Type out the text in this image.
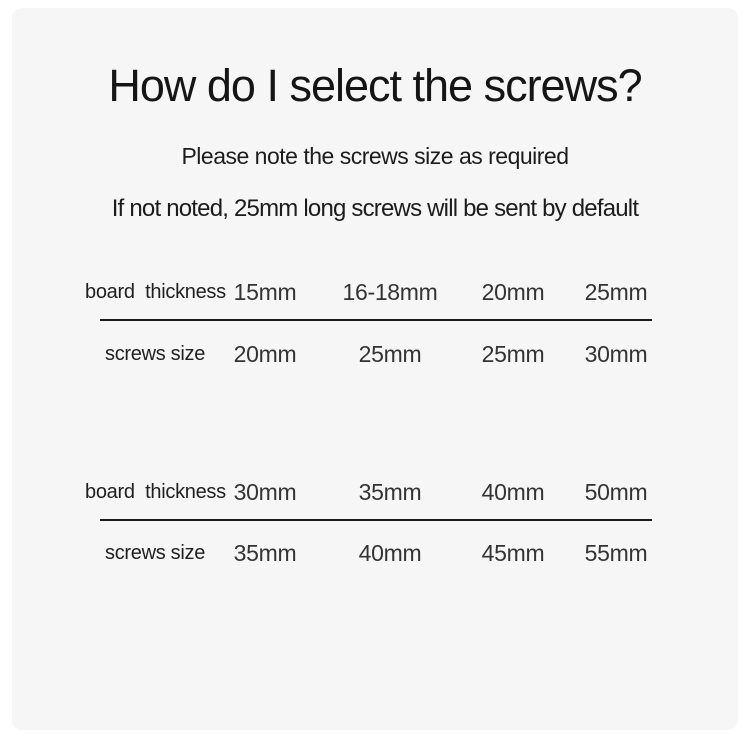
How do I select the screws?
Please note the screws size as required
If not noted, 25mm long screws will be sent by default
board  thickness 15mm 16-18mm 20mm 25mm
screws size 20mm	25mm	25mm 30mm
board  thickness 30mm	35mm	40mm 50mm
screws size 35mm	40mm	45mm 55mm
